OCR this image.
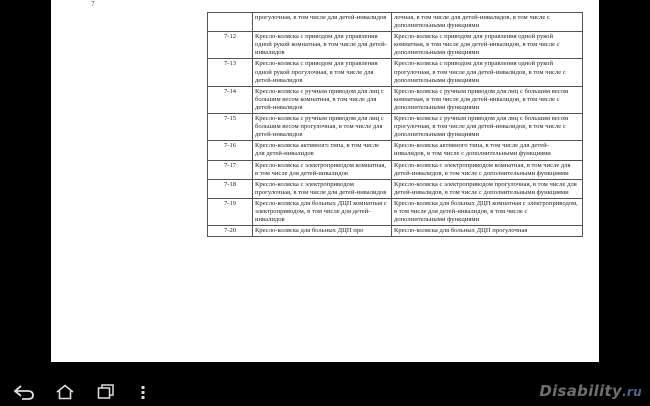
7
	прогулочная, в том числе для детей-инвалидов	лочная, в том числе для детей-инвалидов, в том числе с дополнительными функциями
7-12	Кресло-коляска с приводом для управления одной рукой комнатная, в том числе для детей-инвалидов	Кресло-коляска с приводом для управления одной рукой комнатная, в том числе для детей-инвалидов, в том числе с дополнительными функциями
7-13	Кресло-коляска с приводом для управления одной рукой прогулочная, в том числе для детей-инвалидов	Кресло-коляска с приводом для управления одной рукой прогулочная, в том числе для детей-инвалидов, в том числе с дополнительными функциями
7-14	Кресло-коляска с ручным приводом для лиц с большим весом комнатная, в том числе для детей-инвалидов	Кресло-коляска с ручным приводом для лиц с большим весом комнатная, в том числе для детей-инвалидов, в том числе с дополнительными функциями
7-15	Кресло-коляска с ручным приводом для лиц с большим весом прогулочная, в том числе для детей-инвалидов	Кресло-коляска с ручным приводом для лиц с большим весом прогулочная, в том числе для детей-инвалидов, в том числе с дополнительными функциями
7-16	Кресло-коляска активного типа, в том числе для детей-инвалидов	Кресло-коляска активного типа, в том числе для детей-инвалидов, в том числе с дополнительными функциями
7-17	Кресло-коляска с электроприводом комнатная, в том числе для детей-инвалидов	Кресло-коляска с электроприводом комнатная, в том числе для детей-инвалидов, в том числе с дополнительными функциями
7-18	Кресло-коляска с электроприводом прогулочная, в том числе для детей-инвалидов	Кресло-коляска с электроприводом прогулочная, в том числе для детей-инвалидов, в том числе с дополнительными функциями
7-19	Кресло-коляска для больных ДЦП комнатная с электроприводом, в том числе для детей-инвалидов	Кресло-коляска для больных ДЦП комнатная с электроприводом, в том числе для детей-инвалидов, в том числе с дополнительными функциями
7-20	Кресло-коляска для больных ДЦП про	Кресло-коляска для больных ДЦП прогулочная
Disability.ru
